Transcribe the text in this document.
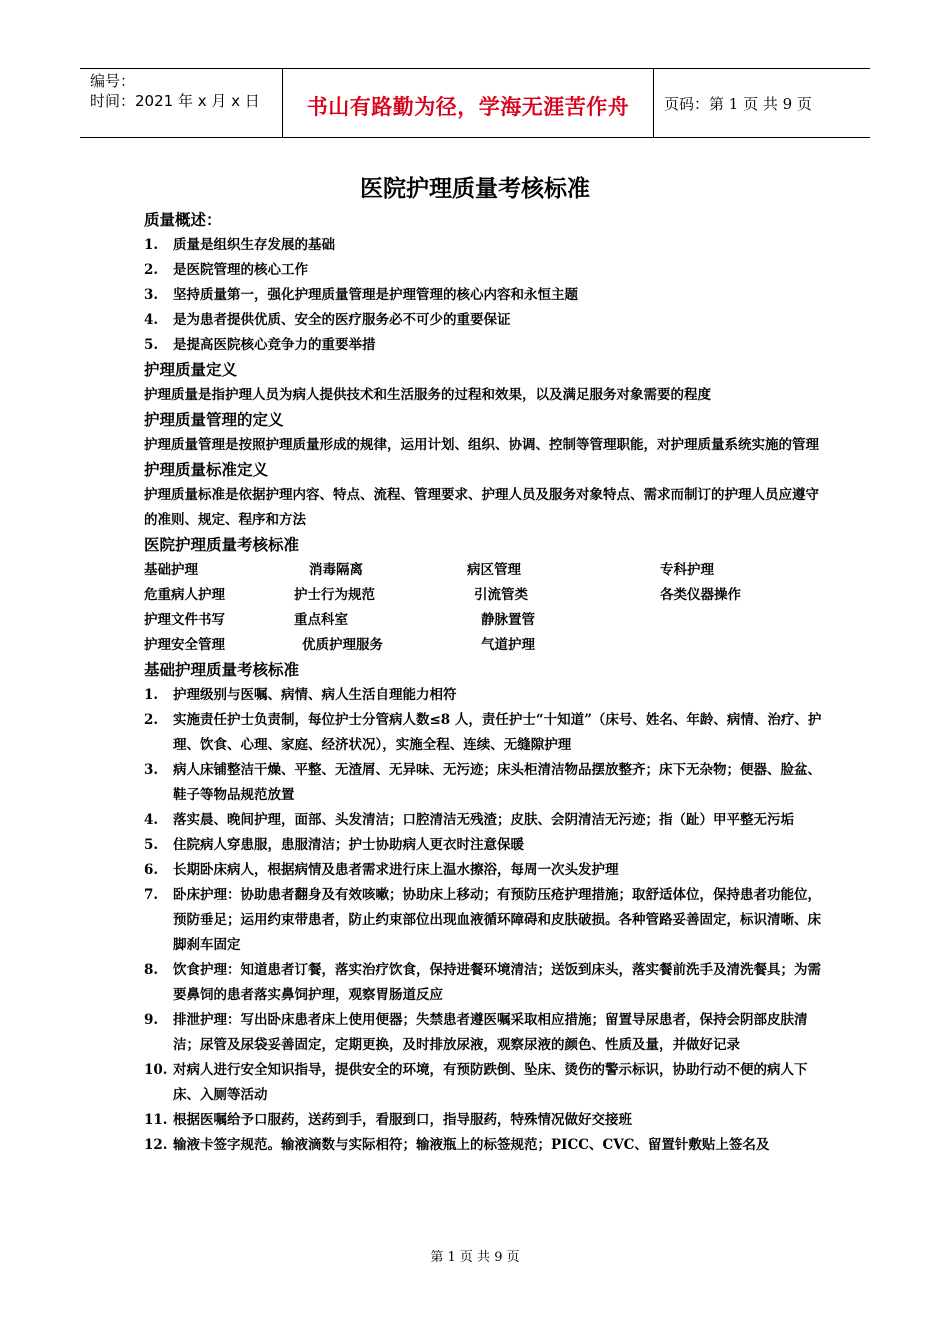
编号：
时间：2021 年 x 月 x 日	书山有路勤为径，学海无涯苦作舟	页码：第 1 页 共 9 页
医院护理质量考核标准
质量概述：
1. 质量是组织生存发展的基础
2. 是医院管理的核心工作
3. 坚持质量第一，强化护理质量管理是护理管理的核心内容和永恒主题
4. 是为患者提供优质、安全的医疗服务必不可少的重要保证
5. 是提高医院核心竞争力的重要举措
护理质量定义
护理质量是指护理人员为病人提供技术和生活服务的过程和效果，以及满足服务对象需要的程度
护理质量管理的定义
护理质量管理是按照护理质量形成的规律，运用计划、组织、协调、控制等管理职能，对护理质量系统实施的管理
护理质量标准定义
护理质量标准是依据护理内容、特点、流程、管理要求、护理人员及服务对象特点、需求而制订的护理人员应遵守的准则、规定、程序和方法
医院护理质量考核标准
基础护理	消毒隔离	病区管理	专科护理
危重病人护理	护士行为规范	引流管类	各类仪器操作
护理文件书写	重点科室	静脉置管
护理安全管理	优质护理服务	气道护理
基础护理质量考核标准
1. 护理级别与医嘱、病情、病人生活自理能力相符
2. 实施责任护士负责制，每位护士分管病人数≤8 人，责任护士“十知道”（床号、姓名、年龄、病情、治疗、护理、饮食、心理、家庭、经济状况），实施全程、连续、无缝隙护理
3. 病人床铺整洁干燥、平整、无渣屑、无异味、无污迹；床头柜清洁物品摆放整齐；床下无杂物；便器、脸盆、鞋子等物品规范放置
4. 落实晨、晚间护理，面部、头发清洁；口腔清洁无残渣；皮肤、会阴清洁无污迹；指（趾）甲平整无污垢
5. 住院病人穿患服，患服清洁；护士协助病人更衣时注意保暖
6. 长期卧床病人，根据病情及患者需求进行床上温水擦浴，每周一次头发护理
7. 卧床护理：协助患者翻身及有效咳嗽；协助床上移动；有预防压疮护理措施；取舒适体位，保持患者功能位，预防垂足；运用约束带患者，防止约束部位出现血液循环障碍和皮肤破损。各种管路妥善固定，标识清晰、床脚刹车固定
8. 饮食护理：知道患者订餐，落实治疗饮食，保持进餐环境清洁；送饭到床头，落实餐前洗手及清洗餐具；为需要鼻饲的患者落实鼻饲护理，观察胃肠道反应
9. 排泄护理：写出卧床患者床上使用便器；失禁患者遵医嘱采取相应措施；留置导尿患者，保持会阴部皮肤清洁；尿管及尿袋妥善固定，定期更换，及时排放尿液，观察尿液的颜色、性质及量，并做好记录
10. 对病人进行安全知识指导，提供安全的环境，有预防跌倒、坠床、烫伤的警示标识，协助行动不便的病人下床、入厕等活动
11. 根据医嘱给予口服药，送药到手，看服到口，指导服药，特殊情况做好交接班
12. 输液卡签字规范。输液滴数与实际相符；输液瓶上的标签规范；PICC、CVC、留置针敷贴上签名及
第 1 页 共 9 页
